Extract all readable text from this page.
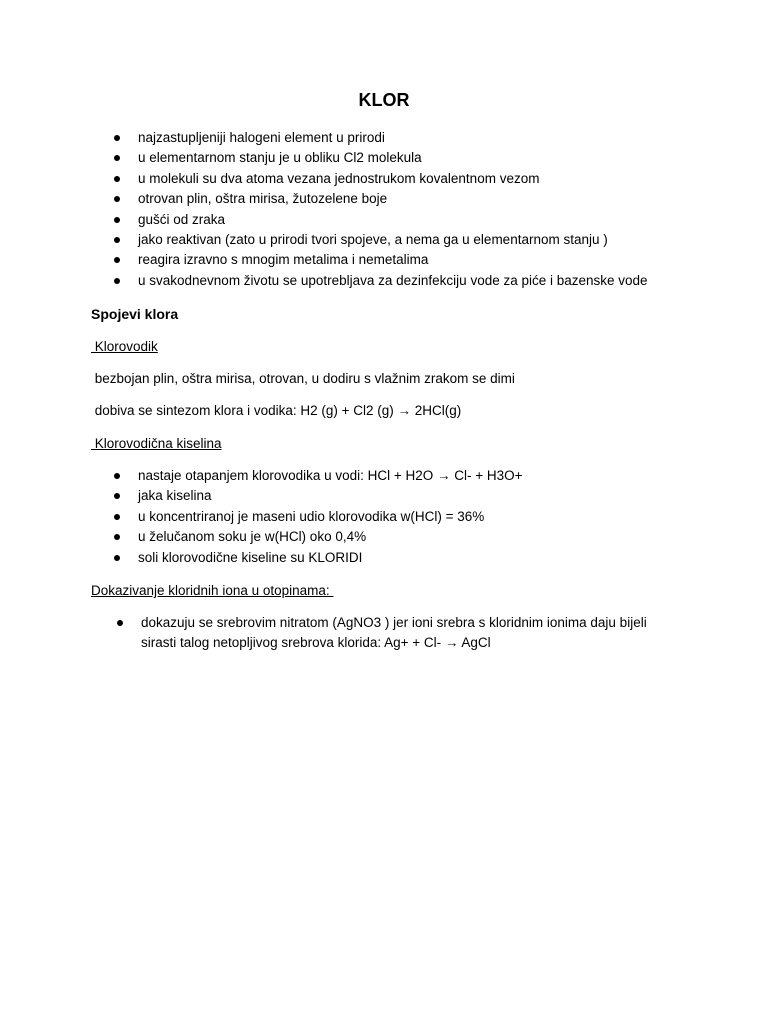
KLOR
najzastupljeniji halogeni element u prirodi
u elementarnom stanju je u obliku Cl2 molekula
u molekuli su dva atoma vezana jednostrukom kovalentnom vezom
otrovan plin, oštra mirisa, žutozelene boje
gušći od zraka
jako reaktivan (zato u prirodi tvori spojeve, a nema ga u elementarnom stanju )
reagira izravno s mnogim metalima i nemetalima
u svakodnevnom životu se upotrebljava za dezinfekciju vode za piće i bazenske vode
Spojevi klora
Klorovodik
bezbojan plin, oštra mirisa, otrovan, u dodiru s vlažnim zrakom se dimi
dobiva se sintezom klora i vodika: H2 (g) + Cl2 (g) → 2HCl(g)
Klorovodična kiselina
nastaje otapanjem klorovodika u vodi: HCl + H2O → Cl- + H3O+
jaka kiselina
u koncentriranoj je maseni udio klorovodika w(HCl) = 36%
u želučanom soku je w(HCl) oko 0,4%
soli klorovodične kiseline su KLORIDI
Dokazivanje kloridnih iona u otopinama:
dokazuju se srebrovim nitratom (AgNO3 ) jer ioni srebra s kloridnim ionima daju bijeli sirasti talog netopljivog srebrova klorida: Ag+ + Cl- → AgCl
